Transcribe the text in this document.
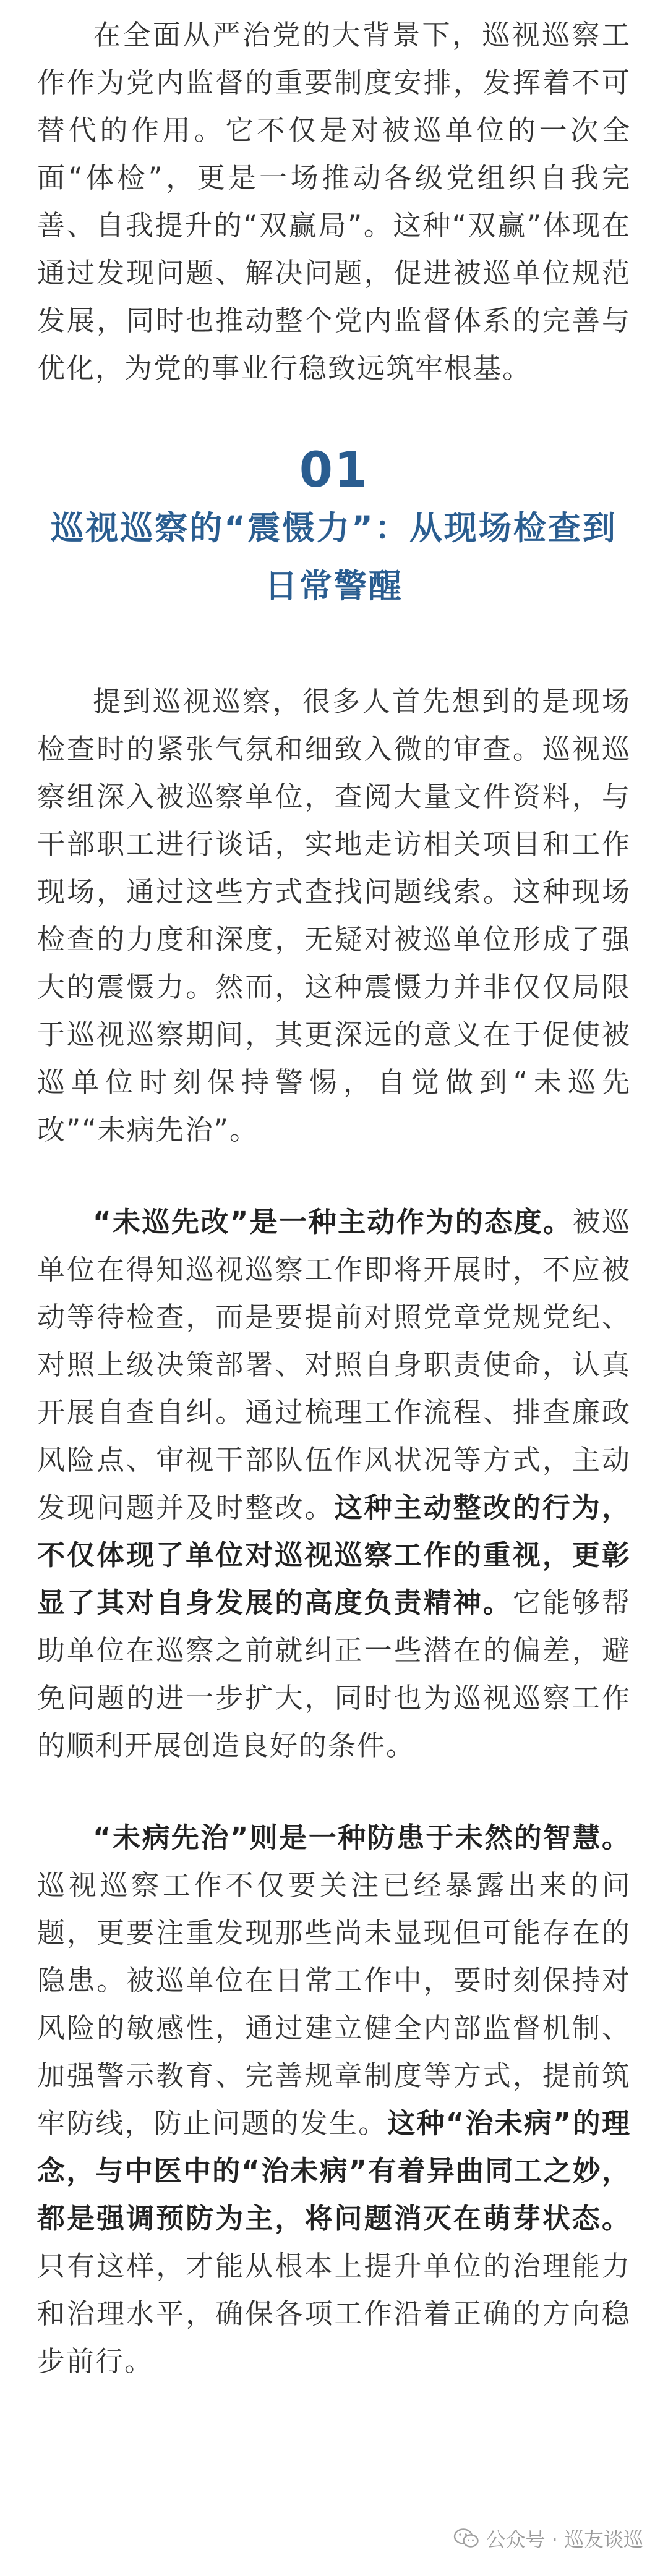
在全面从严治党的大背景下，巡视巡察工作作为党内监督的重要制度安排，发挥着不可替代的作用。它不仅是对被巡单位的一次全面“体检”，更是一场推动各级党组织自我完善、自我提升的“双赢局”。这种“双赢”体现在通过发现问题、解决问题，促进被巡单位规范发展，同时也推动整个党内监督体系的完善与优化，为党的事业行稳致远筑牢根基。

01
巡视巡察的“震慑力”：从现场检查到日常警醒

提到巡视巡察，很多人首先想到的是现场检查时的紧张气氛和细致入微的审查。巡视巡察组深入被巡察单位，查阅大量文件资料，与干部职工进行谈话，实地走访相关项目和工作现场，通过这些方式查找问题线索。这种现场检查的力度和深度，无疑对被巡单位形成了强大的震慑力。然而，这种震慑力并非仅仅局限于巡视巡察期间，其更深远的意义在于促使被巡单位时刻保持警惕，自觉做到“未巡先改”“未病先治”。

“未巡先改”是一种主动作为的态度。被巡单位在得知巡视巡察工作即将开展时，不应被动等待检查，而是要提前对照党章党规党纪、对照上级决策部署、对照自身职责使命，认真开展自查自纠。通过梳理工作流程、排查廉政风险点、审视干部队伍作风状况等方式，主动发现问题并及时整改。这种主动整改的行为，不仅体现了单位对巡视巡察工作的重视，更彰显了其对自身发展的高度负责精神。它能够帮助单位在巡察之前就纠正一些潜在的偏差，避免问题的进一步扩大，同时也为巡视巡察工作的顺利开展创造良好的条件。

“未病先治”则是一种防患于未然的智慧。巡视巡察工作不仅要关注已经暴露出来的问题，更要注重发现那些尚未显现但可能存在的隐患。被巡单位在日常工作中，要时刻保持对风险的敏感性，通过建立健全内部监督机制、加强警示教育、完善规章制度等方式，提前筑牢防线，防止问题的发生。这种“治未病”的理念，与中医中的“治未病”有着异曲同工之妙，都是强调预防为主，将问题消灭在萌芽状态。只有这样，才能从根本上提升单位的治理能力和治理水平，确保各项工作沿着正确的方向稳步前行。

公众号 · 巡友谈巡
